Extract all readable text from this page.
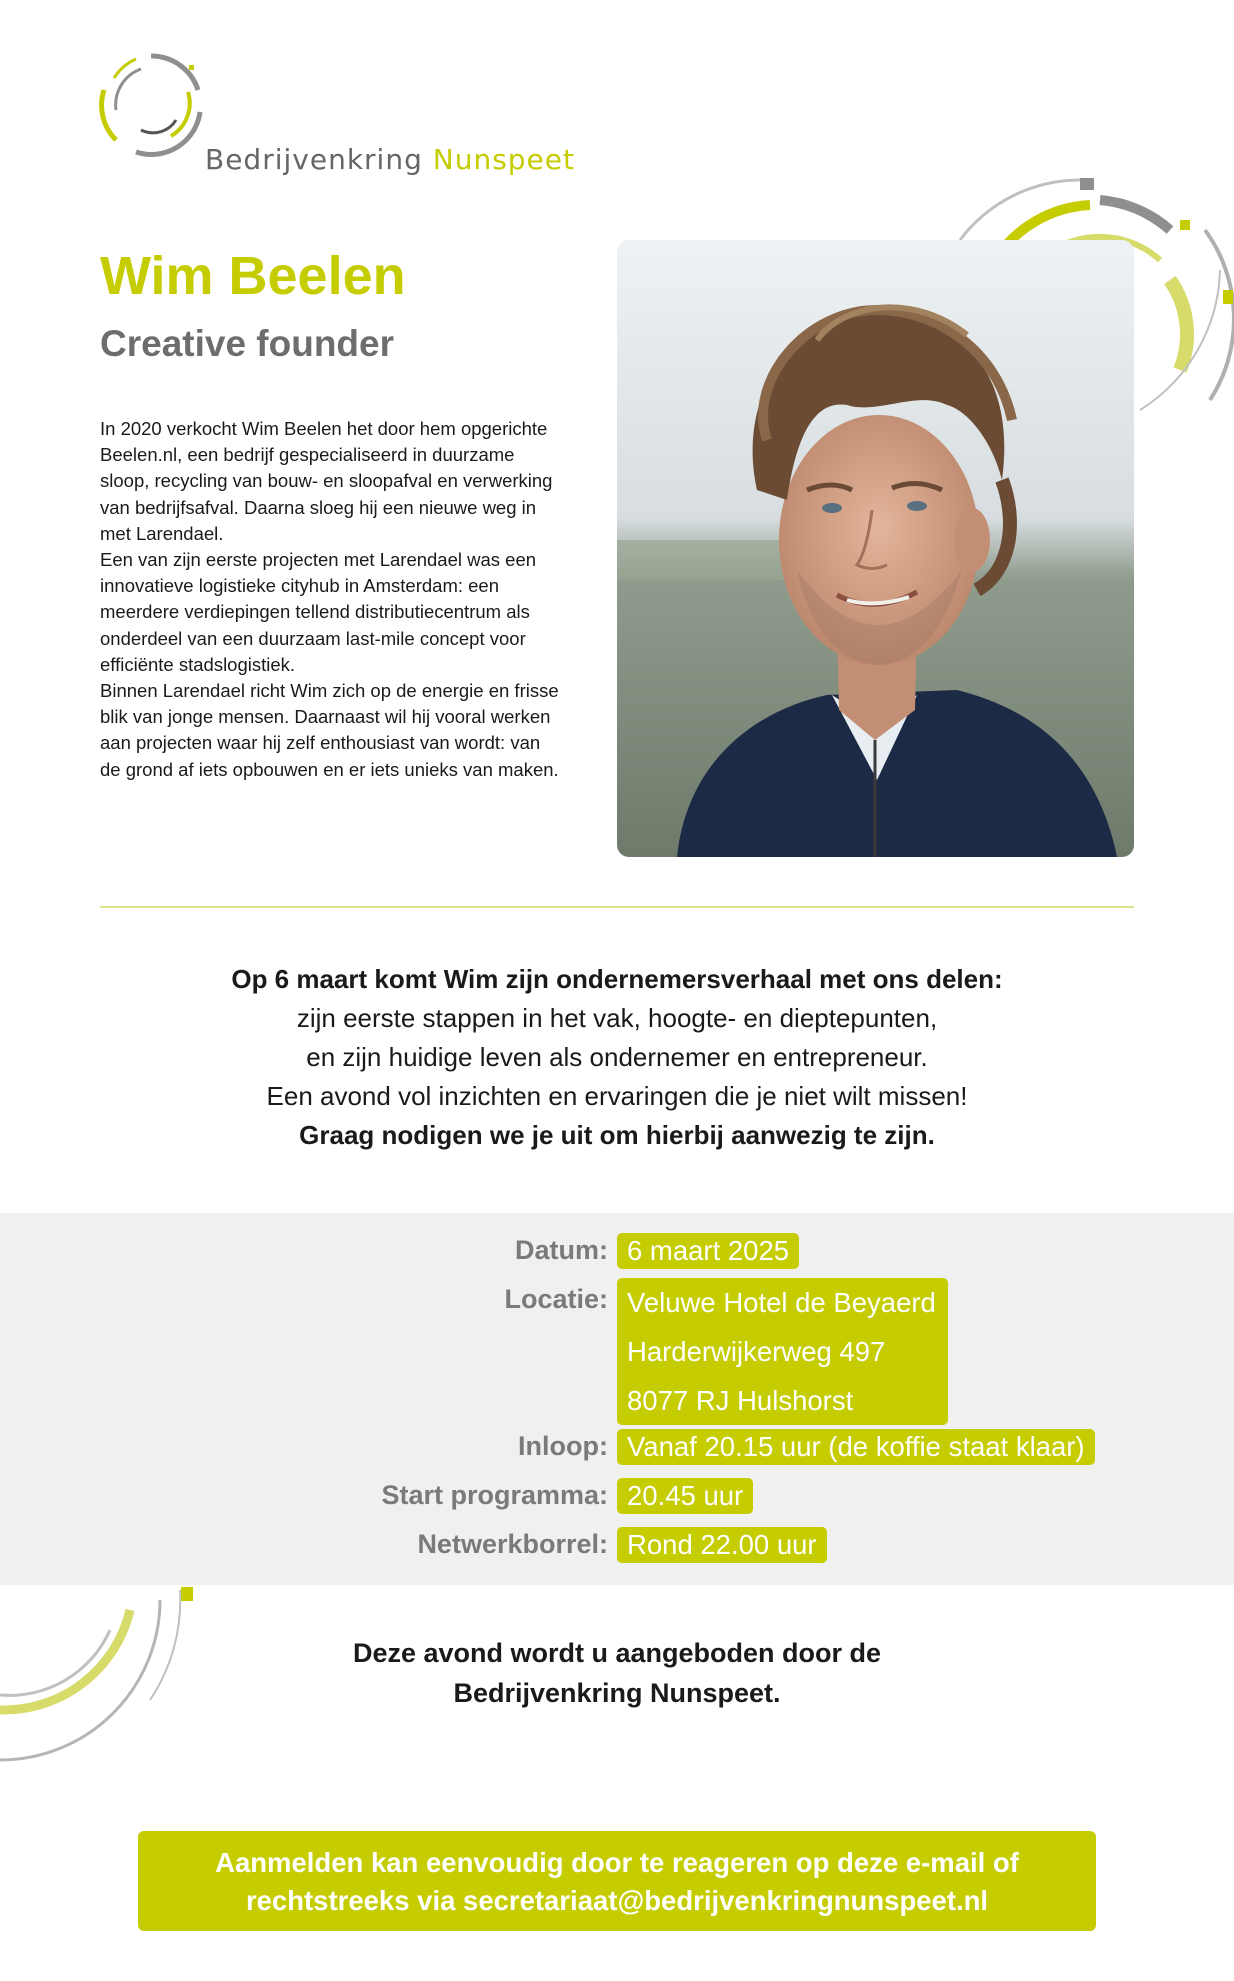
Bedrijvenkring Nunspeet
Wim Beelen
Creative founder

In 2020 verkocht Wim Beelen het door hem opgerichte Beelen.nl, een bedrijf gespecialiseerd in duurzame sloop, recycling van bouw- en sloopafval en verwerking van bedrijfsafval. Daarna sloeg hij een nieuwe weg in met Larendael.

Een van zijn eerste projecten met Larendael was een innovatieve logistieke cityhub in Amsterdam: een meerdere verdiepingen tellend distributiecentrum als onderdeel van een duurzaam last-mile concept voor efficiënte stadslogistiek.

Binnen Larendael richt Wim zich op de energie en frisse blik van jonge mensen. Daarnaast wil hij vooral werken aan projecten waar hij zelf enthousiast van wordt: van de grond af iets opbouwen en er iets unieks van maken.

Op 6 maart komt Wim zijn ondernemersverhaal met ons delen:
zijn eerste stappen in het vak, hoogte- en dieptepunten,
en zijn huidige leven als ondernemer en entrepreneur.
Een avond vol inzichten en ervaringen die je niet wilt missen!
Graag nodigen we je uit om hierbij aanwezig te zijn.
Datum: 6 maart 2025
Locatie: Veluwe Hotel de Beyaerd
Harderwijkerweg 497
8077 RJ Hulshorst
Inloop: Vanaf 20.15 uur (de koffie staat klaar)
Start programma: 20.45 uur
Netwerkborrel: Rond 22.00 uur
Deze avond wordt u aangeboden door de
Bedrijvenkring Nunspeet.
Aanmelden kan eenvoudig door te reageren op deze e-mail of
rechtstreeks via secretariaat@bedrijvenkringnunspeet.nl
